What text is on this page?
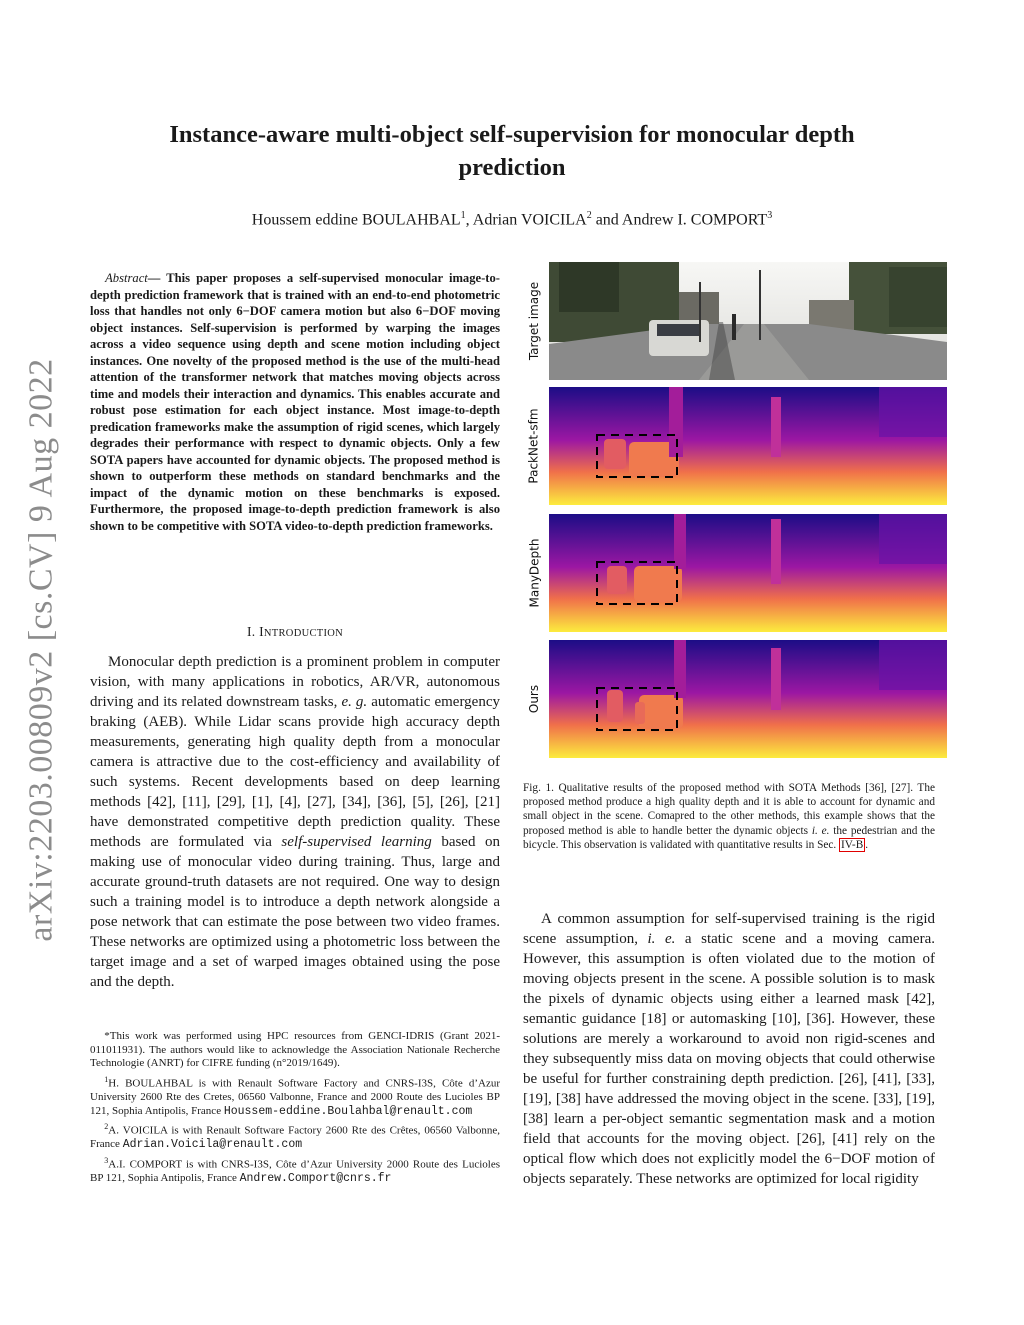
arXiv:2203.00809v2 [cs.CV] 9 Aug 2022
Instance-aware multi-object self-supervision for monocular depth prediction
Houssem eddine BOULAHBAL$^1$, Adrian VOICILA$^2$ and Andrew I. COMPORT$^3$
Abstract— This paper proposes a self-supervised monocular image-to-depth prediction framework that is trained with an end-to-end photometric loss that handles not only 6−DOF camera motion but also 6−DOF moving object instances. Self-supervision is performed by warping the images across a video sequence using depth and scene motion including object instances. One novelty of the proposed method is the use of the multi-head attention of the transformer network that matches moving objects across time and models their interaction and dynamics. This enables accurate and robust pose estimation for each object instance. Most image-to-depth predication frameworks make the assumption of rigid scenes, which largely degrades their performance with respect to dynamic objects. Only a few SOTA papers have accounted for dynamic objects. The proposed method is shown to outperform these methods on standard benchmarks and the impact of the dynamic motion on these benchmarks is exposed. Furthermore, the proposed image-to-depth prediction framework is also shown to be competitive with SOTA video-to-depth prediction frameworks.
I. INTRODUCTION
Monocular depth prediction is a prominent problem in computer vision, with many applications in robotics, AR/VR, autonomous driving and its related downstream tasks, e. g. automatic emergency braking (AEB). While Lidar scans provide high accuracy depth measurements, generating high quality depth from a monocular camera is attractive due to the cost-efficiency and availability of such systems. Recent developments based on deep learning methods [42], [11], [29], [1], [4], [27], [34], [36], [5], [26], [21] have demonstrated competitive depth prediction quality. These methods are formulated via self-supervised learning based on making use of monocular video during training. Thus, large and accurate ground-truth datasets are not required. One way to design such a training model is to introduce a depth network alongside a pose network that can estimate the pose between two video frames. These networks are optimized using a photometric loss between the target image and a set of warped images obtained using the pose and the depth.

*This work was performed using HPC resources from GENCI-IDRIS (Grant 2021-011011931). The authors would like to acknowledge the Association Nationale Recherche Technologie (ANRT) for CIFRE funding (n°2019/1649).

$^1$H. BOULAHBAL is with Renault Software Factory and CNRS-I3S, Côte d’Azur University 2600 Rte des Cretes, 06560 Valbonne, France and 2000 Route des Lucioles BP 121, Sophia Antipolis, France Houssem-eddine.Boulahbal@renault.com

$^2$A. VOICILA is with Renault Software Factory 2600 Rte des Crêtes, 06560 Valbonne, France Adrian.Voicila@renault.com

$^3$A.I. COMPORT is with CNRS-I3S, Côte d’Azur University 2000 Route des Lucioles BP 121, Sophia Antipolis, France Andrew.Comport@cnrs.fr

Target image
PackNet-sfm
ManyDepth
Ours
Fig. 1. Qualitative results of the proposed method with SOTA Methods [36], [27]. The proposed method produce a high quality depth and it is able to account for dynamic and small object in the scene. Comapred to the other methods, this example shows that the proposed method is able to handle better the dynamic objects i. e. the pedestrian and the bicycle. This observation is validated with quantitative results in Sec. IV-B .
A common assumption for self-supervised training is the rigid scene assumption, i. e. a static scene and a moving camera. However, this assumption is often violated due to the motion of moving objects present in the scene. A possible solution is to mask the pixels of dynamic objects using either a learned mask [42], semantic guidance [18] or automasking [10], [36]. However, these solutions are merely a workaround to avoid non rigid-scenes and they subsequently miss data on moving objects that could otherwise be useful for further constraining depth prediction. [26], [41], [33], [19], [38] have addressed the moving object in the scene. [33], [19], [38] learn a per-object semantic segmentation mask and a motion field that accounts for the moving object. [26], [41] rely on the optical flow which does not explicitly model the 6−DOF motion of objects separately. These networks are optimized for local rigidity
